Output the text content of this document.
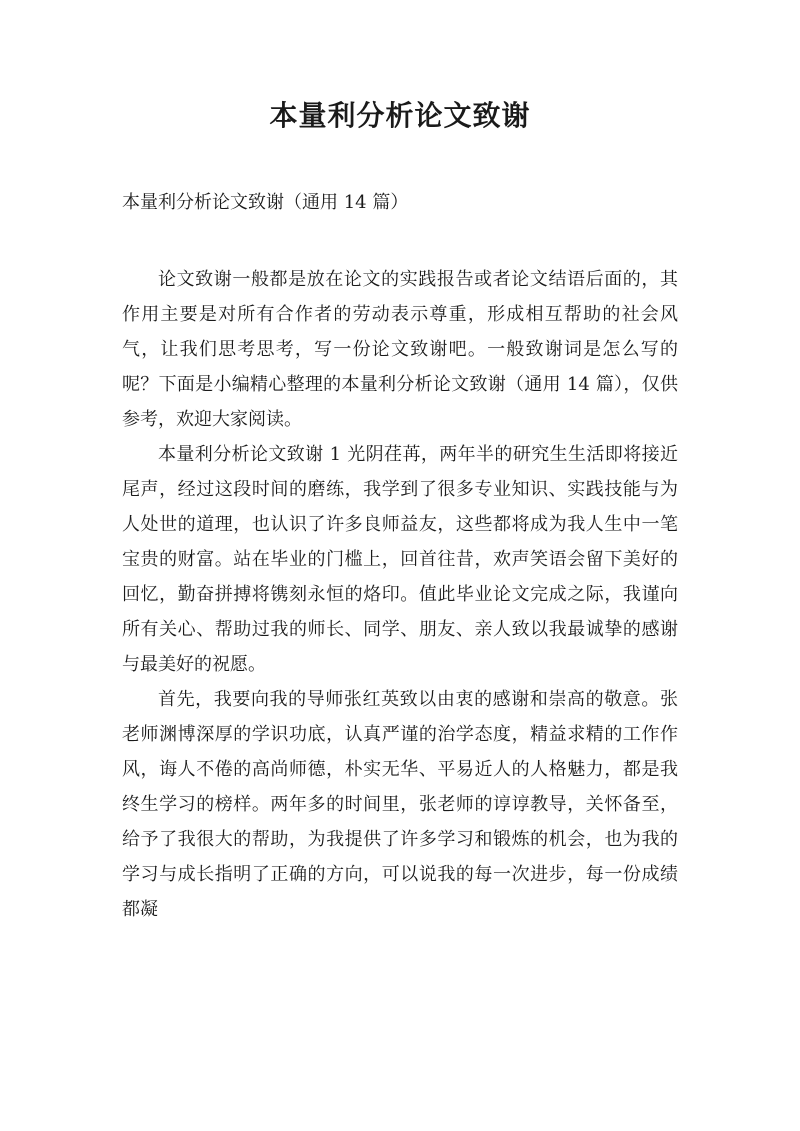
本量利分析论文致谢
本量利分析论文致谢（通用 14 篇）

论文致谢一般都是放在论文的实践报告或者论文结语后面的，其作用主要是对所有合作者的劳动表示尊重，形成相互帮助的社会风气，让我们思考思考，写一份论文致谢吧。一般致谢词是怎么写的呢？下面是小编精心整理的本量利分析论文致谢（通用 14 篇），仅供参考，欢迎大家阅读。

本量利分析论文致谢 1 光阴荏苒，两年半的研究生生活即将接近尾声，经过这段时间的磨练，我学到了很多专业知识、实践技能与为人处世的道理，也认识了许多良师益友，这些都将成为我人生中一笔宝贵的财富。站在毕业的门槛上，回首往昔，欢声笑语会留下美好的回忆，勤奋拼搏将镌刻永恒的烙印。值此毕业论文完成之际，我谨向所有关心、帮助过我的师长、同学、朋友、亲人致以我最诚挚的感谢与最美好的祝愿。

首先，我要向我的导师张红英致以由衷的感谢和崇高的敬意。张老师渊博深厚的学识功底，认真严谨的治学态度，精益求精的工作作风，诲人不倦的高尚师德，朴实无华、平易近人的人格魅力，都是我终生学习的榜样。两年多的时间里，张老师的谆谆教导，关怀备至，给予了我很大的帮助，为我提供了许多学习和锻炼的机会，也为我的学习与成长指明了正确的方向，可以说我的每一次进步，每一份成绩都凝
